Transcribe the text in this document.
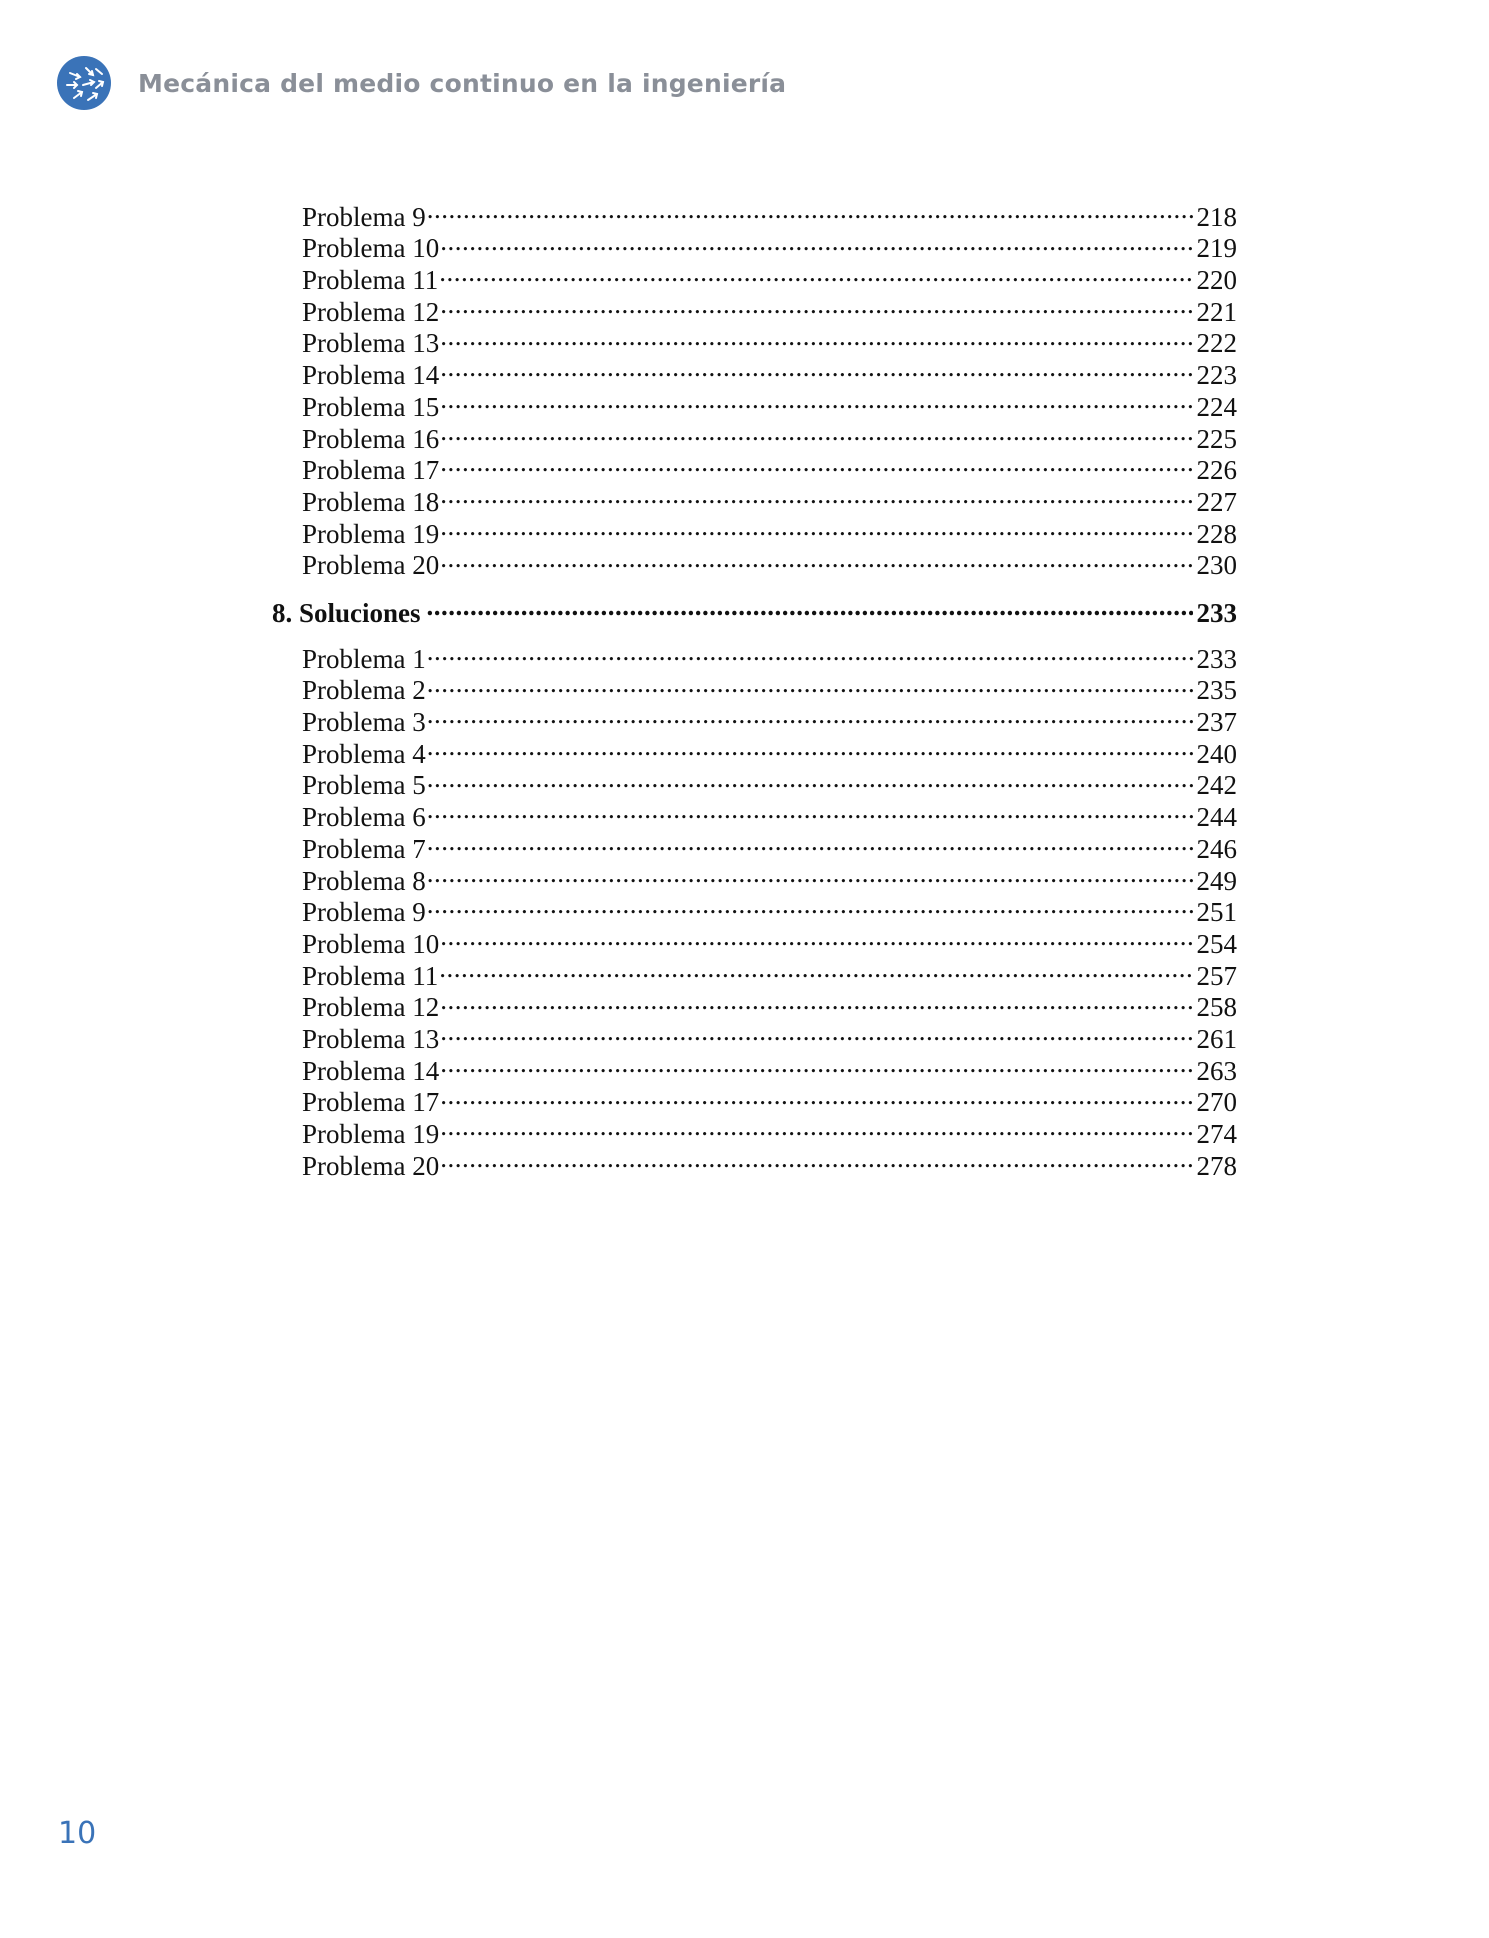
Mecánica del medio continuo en la ingeniería
Problema 9 .....	218
Problema 10 .....	219
Problema 11 .....	220
Problema 12 .....	221
Problema 13 .....	222
Problema 14 .....	223
Problema 15 .....	224
Problema 16 .....	225
Problema 17 .....	226
Problema 18 .....	227
Problema 19 .....	228
Problema 20 .....	230
8. Soluciones .....	233
Problema 1 .....	233
Problema 2 .....	235
Problema 3 .....	237
Problema 4 .....	240
Problema 5 .....	242
Problema 6 .....	244
Problema 7 .....	246
Problema 8 .....	249
Problema 9 .....	251
Problema 10 .....	254
Problema 11 .....	257
Problema 12 .....	258
Problema 13 .....	261
Problema 14 .....	263
Problema 17 .....	270
Problema 19 .....	274
Problema 20 .....	278
10
